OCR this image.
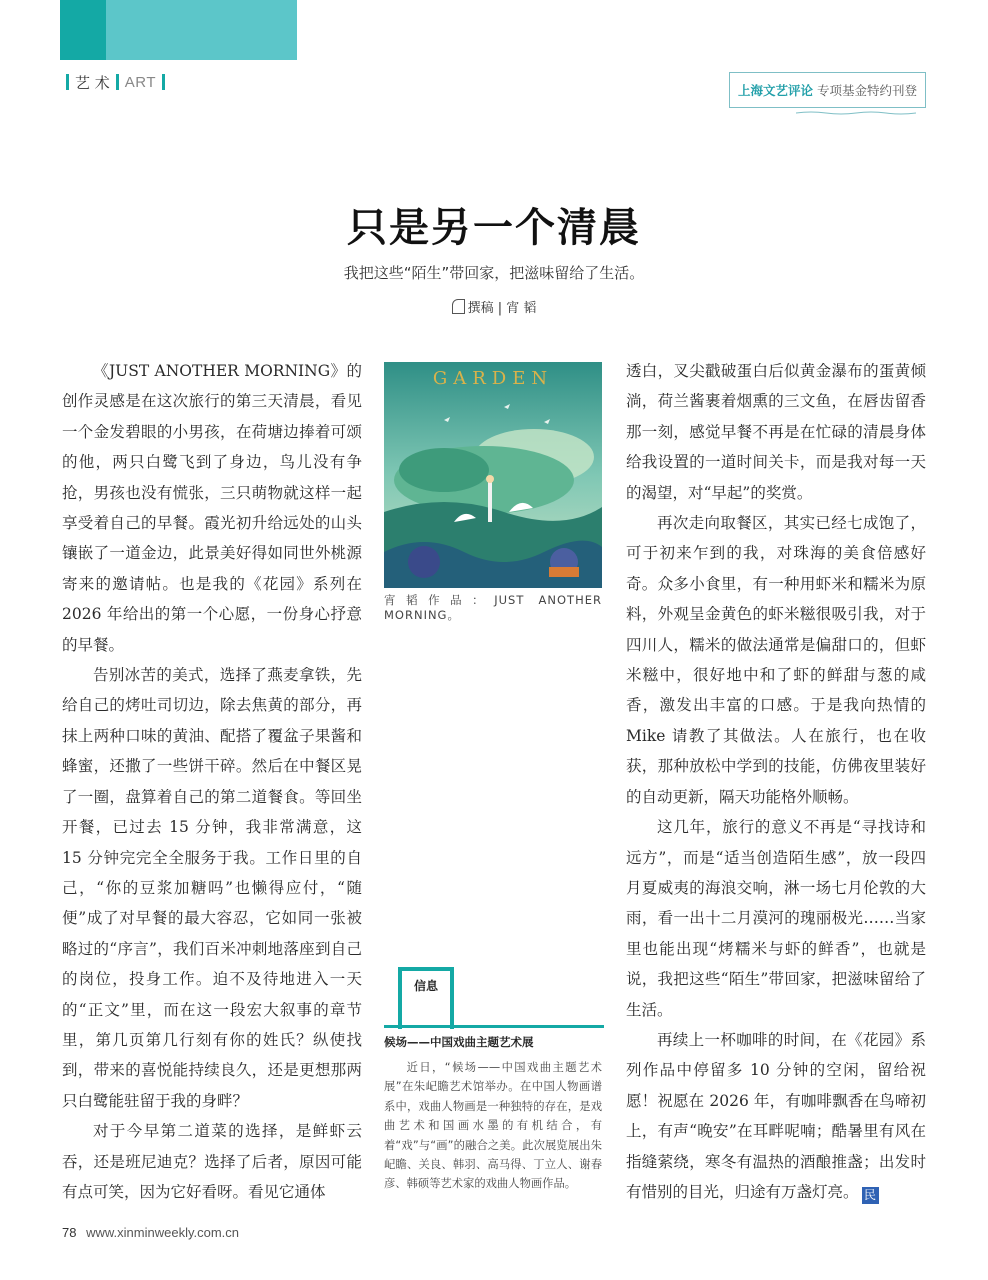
艺 术 ART	上海文艺评论 专项基金特约刊登
只是另一个清晨
我把这些“陌生”带回家，把滋味留给了生活。
撰稿 | 宵 韬

《JUST ANOTHER MORNING》的创作灵感是在这次旅行的第三天清晨，看见一个金发碧眼的小男孩，在荷塘边捧着可颂的他，两只白鹭飞到了身边，鸟儿没有争抢，男孩也没有慌张，三只萌物就这样一起享受着自己的早餐。霞光初升给远处的山头镶嵌了一道金边，此景美好得如同世外桃源寄来的邀请帖。也是我的《花园》系列在 2026 年给出的第一个心愿，一份身心抒意的早餐。

告别冰苦的美式，选择了燕麦拿铁，先给自己的烤吐司切边，除去焦黄的部分，再抹上两种口味的黄油、配搭了覆盆子果酱和蜂蜜，还撒了一些饼干碎。然后在中餐区晃了一圈，盘算着自己的第二道餐食。等回坐开餐，已过去 15 分钟，我非常满意，这 15 分钟完完全全服务于我。工作日里的自己，“你的豆浆加糖吗”也懒得应付，“随便”成了对早餐的最大容忍，它如同一张被略过的“序言”，我们百米冲刺地落座到自己的岗位，投身工作。迫不及待地进入一天的“正文”里，而在这一段宏大叙事的章节里，第几页第几行刻有你的姓氏？纵使找到，带来的喜悦能持续良久，还是更想那两只白鹭能驻留于我的身畔？

对于今早第二道菜的选择，是鲜虾云吞，还是班尼迪克？选择了后者，原因可能有点可笑，因为它好看呀。看见它通体

GARDEN
宵韬作品：JUST ANOTHER MORNING。
信息
候场——中国戏曲主题艺术展

近日，“候场——中国戏曲主题艺术展”在朱屺瞻艺术馆举办。在中国人物画谱系中，戏曲人物画是一种独特的存在，是戏曲艺术和国画水墨的有机结合，有着“戏”与“画”的融合之美。此次展览展出朱屺瞻、关良、韩羽、高马得、丁立人、谢春彦、韩硕等艺术家的戏曲人物画作品。

透白，叉尖戳破蛋白后似黄金瀑布的蛋黄倾淌，荷兰酱裹着烟熏的三文鱼，在唇齿留香那一刻，感觉早餐不再是在忙碌的清晨身体给我设置的一道时间关卡，而是我对每一天的渴望，对“早起”的奖赏。

再次走向取餐区，其实已经七成饱了，可于初来乍到的我，对珠海的美食倍感好奇。众多小食里，有一种用虾米和糯米为原料，外观呈金黄色的虾米糍很吸引我，对于四川人，糯米的做法通常是偏甜口的，但虾米糍中，很好地中和了虾的鲜甜与葱的咸香，激发出丰富的口感。于是我向热情的 Mike 请教了其做法。人在旅行，也在收获，那种放松中学到的技能，仿佛夜里装好的自动更新，隔天功能格外顺畅。

这几年，旅行的意义不再是“寻找诗和远方”，而是“适当创造陌生感”，放一段四月夏威夷的海浪交响，淋一场七月伦敦的大雨，看一出十二月漠河的瑰丽极光……当家里也能出现“烤糯米与虾的鲜香”，也就是说，我把这些“陌生”带回家，把滋味留给了生活。

再续上一杯咖啡的时间，在《花园》系列作品中停留多 10 分钟的空闲，留给祝愿！祝愿在 2026 年，有咖啡飘香在鸟啼初上，有声“晚安”在耳畔呢喃；酷暑里有风在指缝萦绕，寒冬有温热的酒酿推盏；出发时有惜别的目光，归途有万盏灯亮。 民

78 www.xinminweekly.com.cn
